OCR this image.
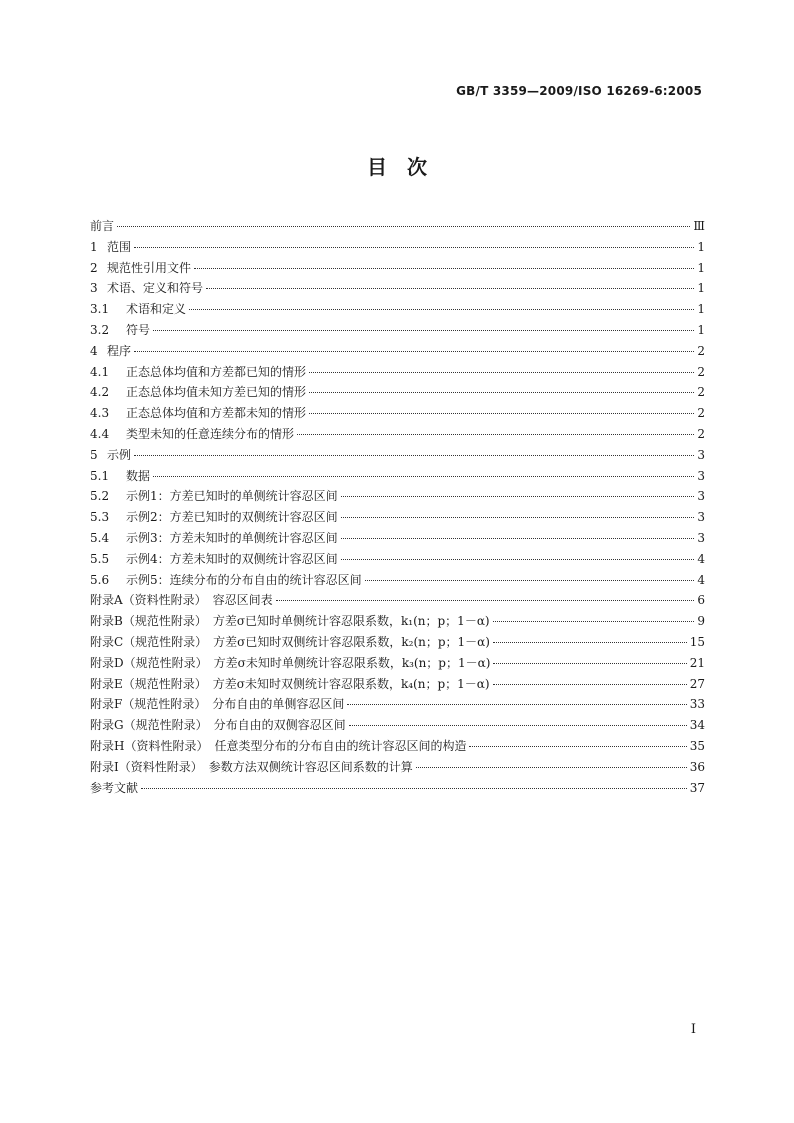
GB/T 3359—2009/ISO 16269-6:2005
目　次
前言	Ⅲ
1 范围	1
2 规范性引用文件	1
3 术语、定义和符号	1
3.1	术语和定义	1
3.2	符号	1
4 程序	2
4.1	正态总体均值和方差都已知的情形	2
4.2	正态总体均值未知方差已知的情形	2
4.3	正态总体均值和方差都未知的情形	2
4.4	类型未知的任意连续分布的情形	2
5 示例	3
5.1	数据	3
5.2	示例1：方差已知时的单侧统计容忍区间	3
5.3	示例2：方差已知时的双侧统计容忍区间	3
5.4	示例3：方差未知时的单侧统计容忍区间	3
5.5	示例4：方差未知时的双侧统计容忍区间	4
5.6	示例5：连续分布的分布自由的统计容忍区间	4
附录A（资料性附录）　容忍区间表	6
附录B（规范性附录）　方差σ已知时单侧统计容忍限系数，k₁(n；p；1－α)	9
附录C（规范性附录）　方差σ已知时双侧统计容忍限系数，k₂(n；p；1－α)	15
附录D（规范性附录）　方差σ未知时单侧统计容忍限系数，k₃(n；p；1－α)	21
附录E（规范性附录）　方差σ未知时双侧统计容忍限系数，k₄(n；p；1－α)	27
附录F（规范性附录）　分布自由的单侧容忍区间	33
附录G（规范性附录）　分布自由的双侧容忍区间	34
附录H（资料性附录）　任意类型分布的分布自由的统计容忍区间的构造	35
附录I（资料性附录）　参数方法双侧统计容忍区间系数的计算	36
参考文献	37
Ⅰ
